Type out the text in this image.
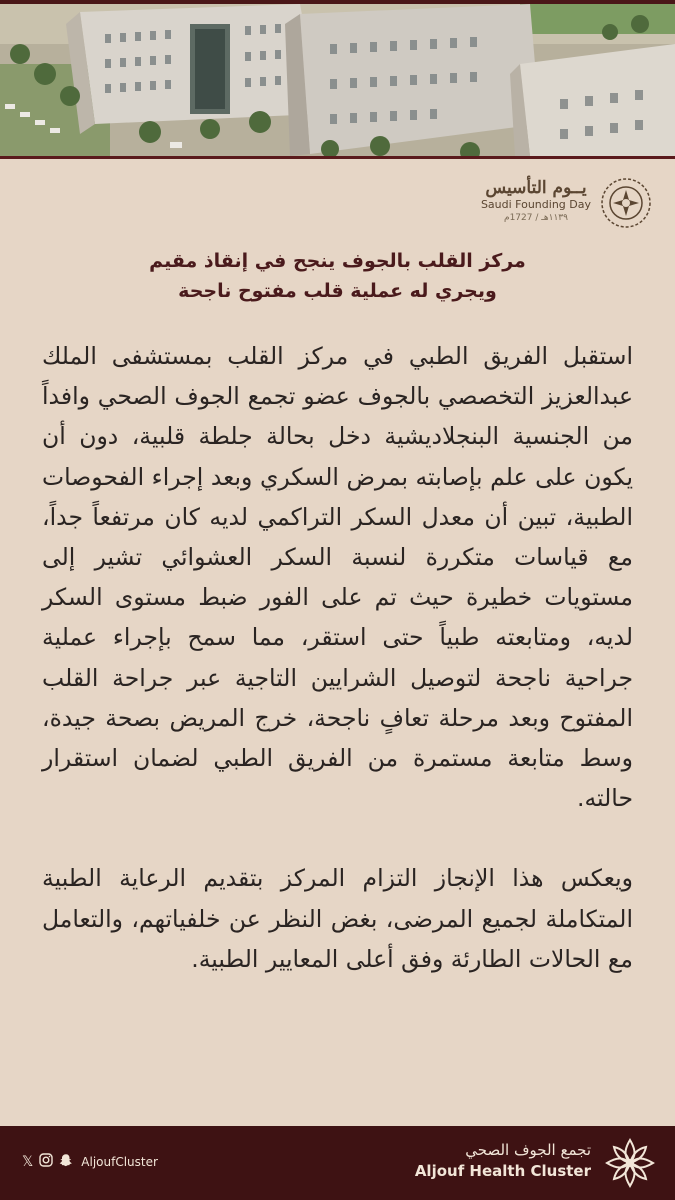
يــوم التأسيس
Saudi Founding Day
١١٣٩هـ / 1727م
مركز القلب بالجوف ينجح في إنقاذ مقيم
ويجري له عملية قلب مفتوح ناجحة

استقبل الفريق الطبي في مركز القلب بمستشفى الملك عبدالعزيز التخصصي بالجوف عضو تجمع الجوف الصحي وافداً من الجنسية البنجلاديشية دخل بحالة جلطة قلبية، دون أن يكون على علم بإصابته بمرض السكري وبعد إجراء الفحوصات الطبية، تبين أن معدل السكر التراكمي لديه كان مرتفعاً جداً، مع قياسات متكررة لنسبة السكر العشوائي تشير إلى مستويات خطيرة حيث تم على الفور ضبط مستوى السكر لديه، ومتابعته طبياً حتى استقر، مما سمح بإجراء عملية جراحية ناجحة لتوصيل الشرايين التاجية عبر جراحة القلب المفتوح وبعد مرحلة تعافٍ ناجحة، خرج المريض بصحة جيدة، وسط متابعة مستمرة من الفريق الطبي لضمان استقرار حالته.

ويعكس هذا الإنجاز التزام المركز بتقديم الرعاية الطبية المتكاملة لجميع المرضى، بغض النظر عن خلفياتهم، والتعامل مع الحالات الطارئة وفق أعلى المعايير الطبية.

تجمع الجوف الصحي
Aljouf Health Cluster
𝕏	AljoufCluster
